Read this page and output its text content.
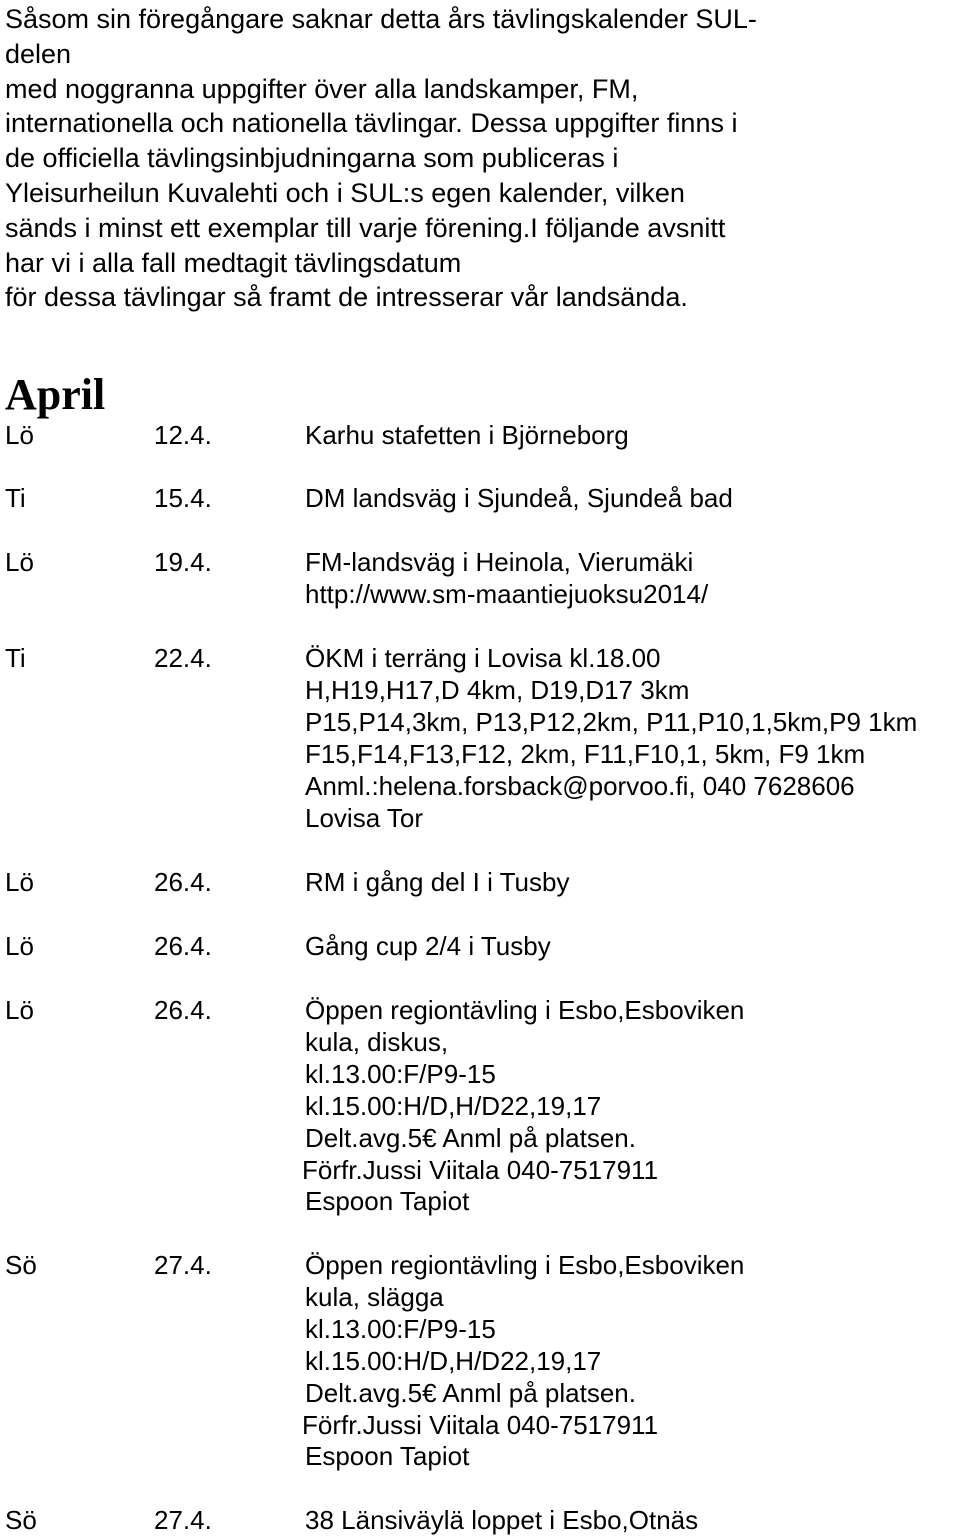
Såsom sin föregångare saknar detta års tävlingskalender SUL-
delen
med noggranna uppgifter över alla landskamper, FM,
internationella och nationella tävlingar. Dessa uppgifter finns i
de officiella tävlingsinbjudningarna som publiceras i
Yleisurheilun Kuvalehti och i SUL:s egen kalender, vilken
sänds i minst ett exemplar till varje förening.I följande avsnitt
har vi i alla fall medtagit tävlingsdatum
för dessa tävlingar så framt de intresserar vår landsända.
April
Lö	12.4.	Karhu stafetten i Björneborg
Ti	15.4.	DM landsväg i Sjundeå, Sjundeå bad
Lö	19.4.	FM-landsväg i Heinola, Vierumäki
http://www.sm-maantiejuoksu2014/
Ti	22.4.	ÖKM i terräng i Lovisa kl.18.00
H,H19,H17,D 4km, D19,D17 3km
P15,P14,3km, P13,P12,2km, P11,P10,1,5km,P9 1km
F15,F14,F13,F12, 2km, F11,F10,1, 5km, F9 1km
Anml.:helena.forsback@porvoo.fi, 040 7628606
Lovisa Tor
Lö	26.4.	RM i gång del I i Tusby
Lö	26.4.	Gång cup 2/4 i Tusby
Lö	26.4.	Öppen regiontävling i Esbo,Esboviken
kula, diskus,
kl.13.00:F/P9-15
kl.15.00:H/D,H/D22,19,17
Delt.avg.5€ Anml på platsen.
Förfr.Jussi Viitala 040-7517911
Espoon Tapiot
Sö	27.4.	Öppen regiontävling i Esbo,Esboviken
kula, slägga
kl.13.00:F/P9-15
kl.15.00:H/D,H/D22,19,17
Delt.avg.5€ Anml på platsen.
Förfr.Jussi Viitala 040-7517911
Espoon Tapiot
Sö	27.4.	38 Länsiväylä loppet i Esbo,Otnäs
